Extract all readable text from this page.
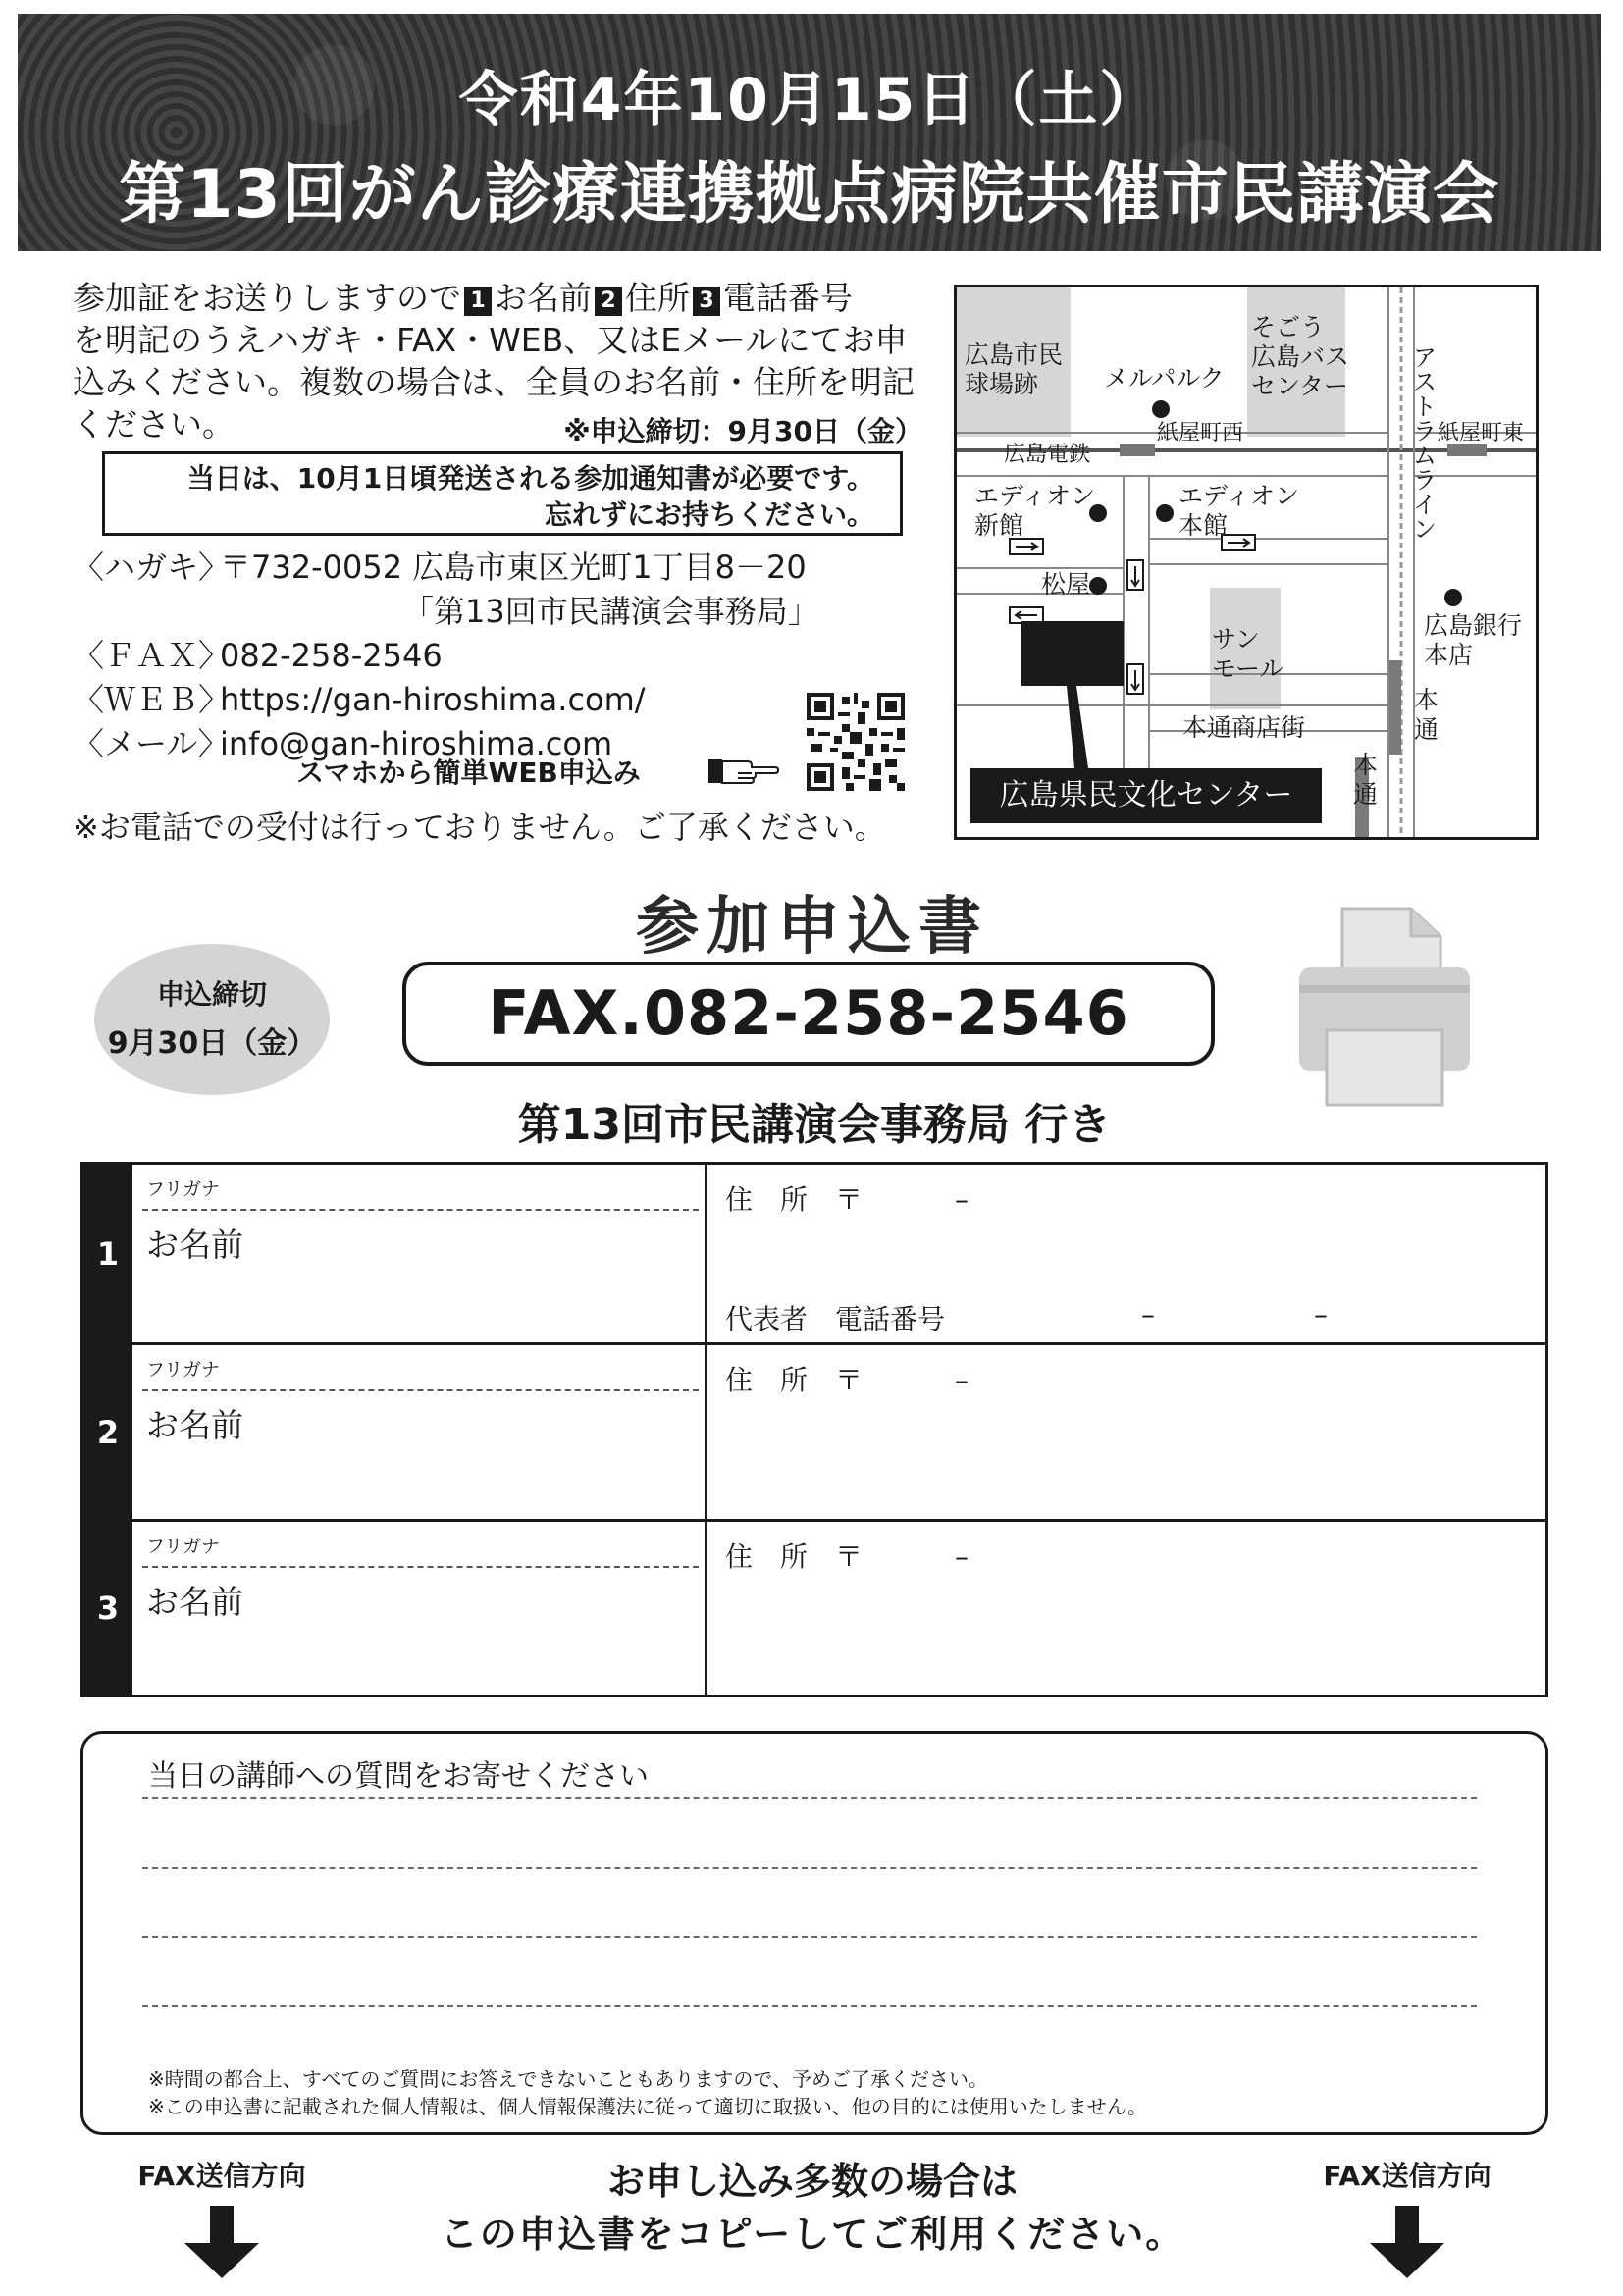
令和4年10月15日（土）
第13回がん診療連携拠点病院共催市民講演会
参加証をお送りしますので 1 お名前 2 住所 3 電話番号
を明記のうえハガキ・FAX・WEB、又はEメールにてお申
込みください。複数の場合は、全員のお名前・住所を明記
ください。	※申込締切：9月30日（金）
当日は、10月1日頃発送される参加通知書が必要です。
忘れずにお持ちください。
〈ハガキ〉〒732-0052 広島市東区光町1丁目8－20
「第13回市民講演会事務局」
〈ＦＡＸ〉082-258-2546
〈ＷＥＢ〉https://gan-hiroshima.com/
〈メール〉info@gan-hiroshima.com
スマホから簡単WEB申込み
※お電話での受付は行っておりません。ご了承ください。
広島市民
球場跡
そごう
広島バス
センター
メルパルク	アストラムライン
広島電鉄
紙屋町西	紙屋町東
エディオン
新館
エディオン
本館
松屋
サン
モール
広島銀行
本店
本通商店街
本
通
本
通
広島県民文化センター
参加申込書
申込締切
9月30日（金）	FAX.082-258-2546
第13回市民講演会事務局 行き
1
フリガナ
お名前
住 所 〒	–
代表者　電話番号	–	–
2
フリガナ
お名前
住 所 〒	–
3
フリガナ
お名前
住 所 〒	–
当日の講師への質問をお寄せください
※時間の都合上、すべてのご質問にお答えできないこともありますので、予めご了承ください。
※この申込書に記載された個人情報は、個人情報保護法に従って適切に取扱い、他の目的には使用いたしません。
FAX送信方向	FAX送信方向
お申し込み多数の場合は
この申込書をコピーしてご利用ください。
